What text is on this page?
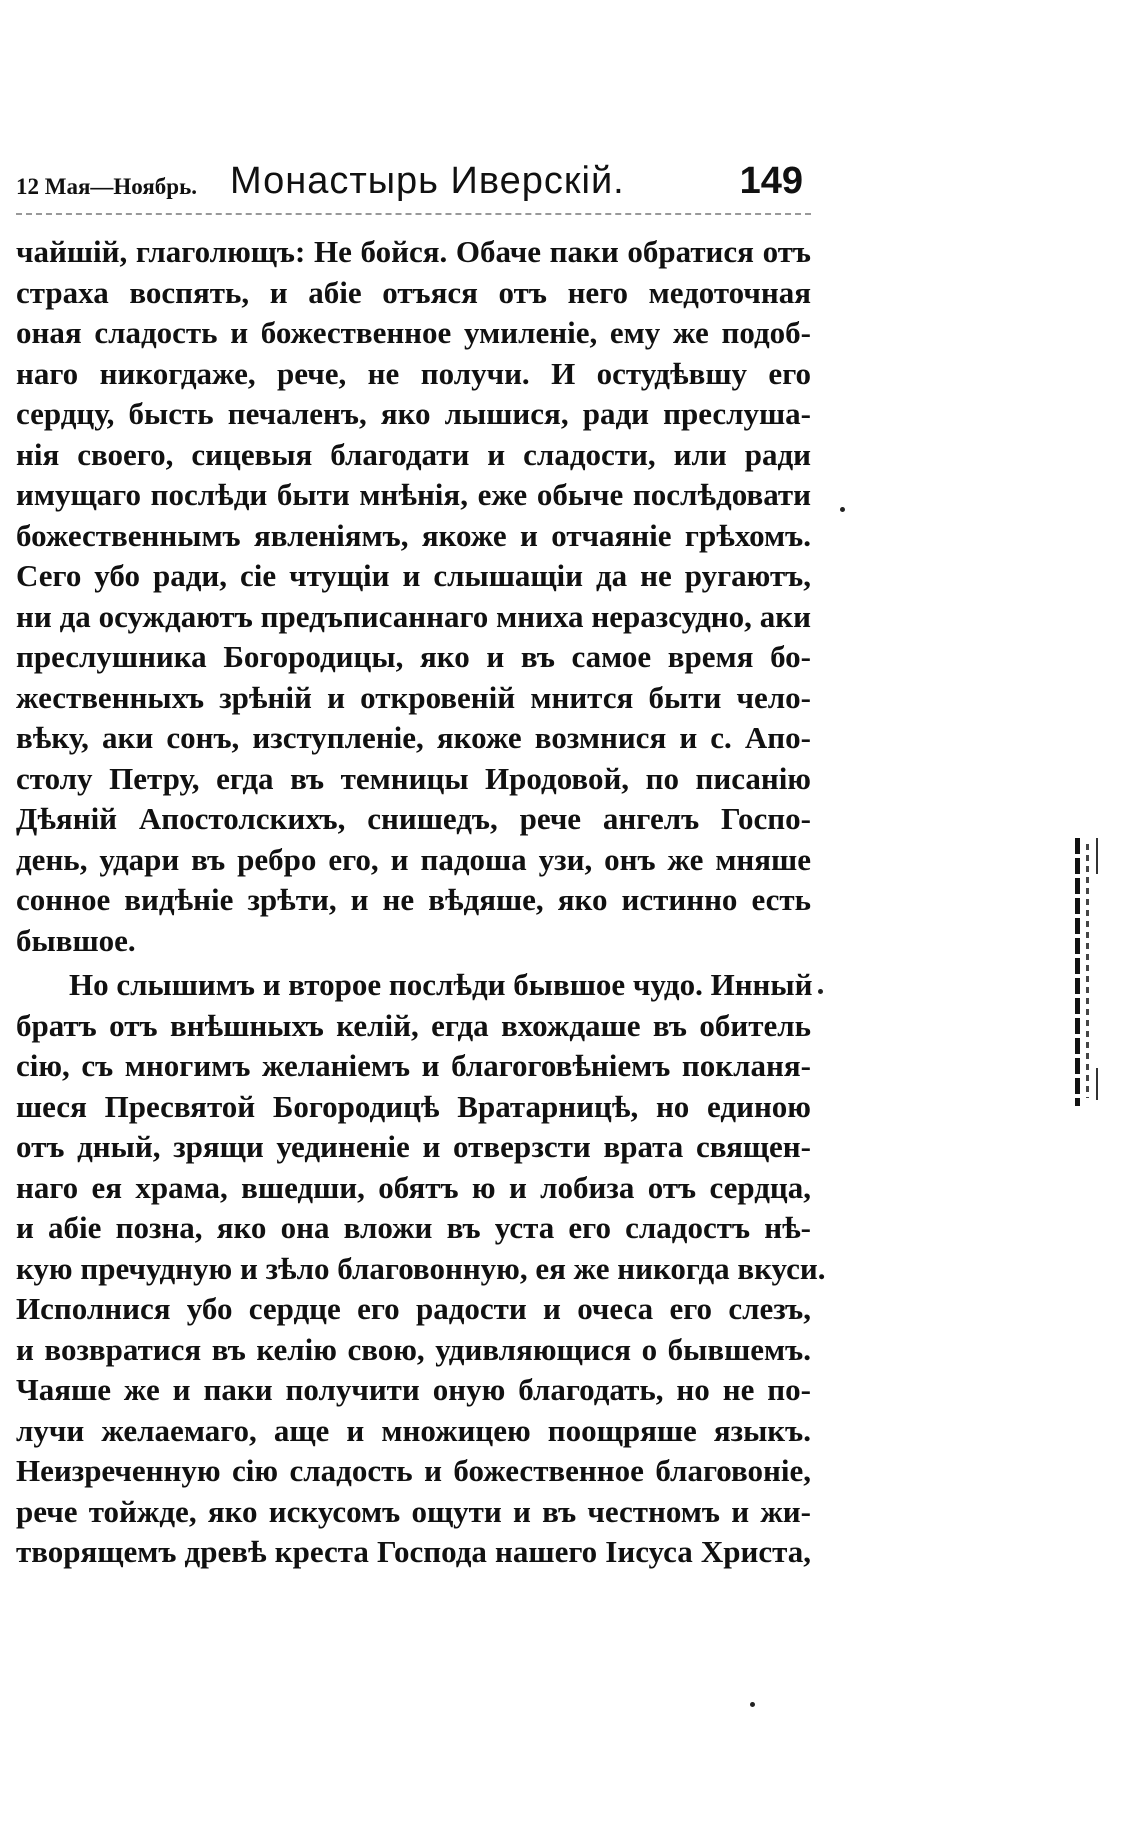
12 Мая—Ноябрь. Монастырь Иверскій.	149
чайшій, глаголющъ: Не бойся. Обаче паки обратися отъ
страха воспять, и абіе отъяся отъ него медоточная
оная сладость и божественное умиленіе, ему же подоб-
наго никогдаже, рече, не получи. И остудѣвшу его
сердцу, бысть печаленъ, яко лышися, ради преслуша-
нія своего, сицевыя благодати и сладости, или ради
имущаго послѣди быти мнѣнія, еже обыче послѣдовати
божественнымъ явленіямъ, якоже и отчаяніе грѣхомъ.
Сего убо ради, сіе чтущіи и слышащіи да не ругаютъ,
ни да осуждаютъ предъписаннаго мниха неразсудно, аки
преслушника Богородицы, яко и въ самое время бо-
жественныхъ зрѣній и откровеній мнится быти чело-
вѣку, аки сонъ, изступленіе, якоже возмнися и с. Апо-
столу Петру, егда въ темницы Иродовой, по писанію
Дѣяній Апостолскихъ, снишедъ, рече ангелъ Госпо-
день, удари въ ребро его, и падоша узи, онъ же мняше
сонное видѣніе зрѣти, и не вѣдяше, яко истинно есть
бывшое.
Но слышимъ и второе послѣди бывшое чудо. Инный
братъ отъ внѣшныхъ келій, егда вхождаше въ обитель
сію, съ многимъ желаніемъ и благоговѣніемъ покланя-
шеся Пресвятой Богородицѣ Вратарницѣ, но единою
отъ дный, зрящи уединеніе и отверзсти врата священ-
наго ея храма, вшедши, обятъ ю и лобиза отъ сердца,
и абіе позна, яко она вложи въ уста его сладостъ нѣ-
кую пречудную и зѣло благовонную, ея же никогда вкуси.
Исполнися убо сердце его радости и очеса его слезъ,
и возвратися въ келію свою, удивляющися о бывшемъ.
Чаяше же и паки получити оную благодать, но не по-
лучи желаемаго, аще и множицею поощряше языкъ.
Неизреченную сію сладость и божественное благовоніе,
рече тойжде, яко искусомъ ощути и въ честномъ и жи-
творящемъ древѣ креста Господа нашего Іисуса Христа,
